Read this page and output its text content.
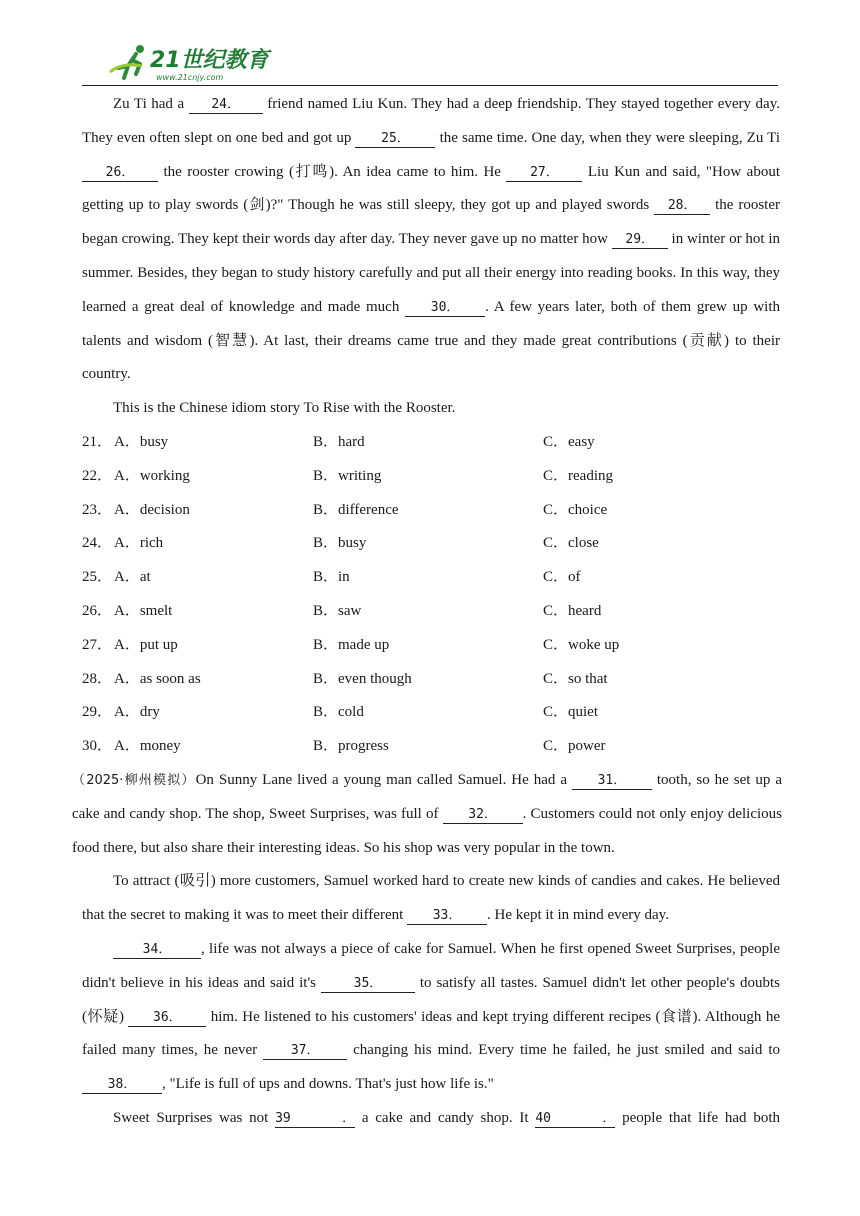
21世纪教育
www.21cnjy.com

Zu Ti had a 24． friend named Liu Kun. They had a deep friendship. They stayed together every day. They even often slept on one bed and got up 25． the same time. One day, when they were sleeping, Zu Ti 26． the rooster crowing (打鸣). An idea came to him. He 27． Liu Kun and said, "How about getting up to play swords (剑)?" Though he was still sleepy, they got up and played swords 28． the rooster began crowing. They kept their words day after day. They never gave up no matter how 29． in winter or hot in summer. Besides, they began to study history carefully and put all their energy into reading books. In this way, they learned a great deal of knowledge and made much 30． . A few years later, both of them grew up with talents and wisdom (智慧). At last, their dreams came true and they made great contributions (贡献) to their country.

This is the Chinese idiom story To Rise with the Rooster.

21． A．busy	B．hard	C．easy
22． A．working	B．writing	C．reading
23． A．decision	B．difference	C．choice
24． A．rich	B．busy	C．close
25． A．at	B．in	C．of
26． A．smelt	B．saw	C．heard
27． A．put up	B．made up	C．woke up
28． A．as soon as	B．even though	C．so that
29． A．dry	B．cold	C．quiet
30． A．money	B．progress	C．power

（2025·柳州模拟）On Sunny Lane lived a young man called Samuel. He had a 31． tooth, so he set up a cake and candy shop. The shop, Sweet Surprises, was full of 32． . Customers could not only enjoy delicious food there, but also share their interesting ideas. So his shop was very popular in the town.

To attract (吸引) more customers, Samuel worked hard to create new kinds of candies and cakes. He believed that the secret to making it was to meet their different 33． . He kept it in mind every day.

34． , life was not always a piece of cake for Samuel. When he first opened Sweet Surprises, people didn't believe in his ideas and said it's	35． to satisfy all tastes. Samuel didn't let other people's doubts (怀疑) 36． him. He listened to his customers' ideas and kept trying different recipes (食谱). Although he failed many times, he never 37． changing his mind. Every time he failed, he just smiled and said to 38． , "Life is full of ups and downs. That's just how life is."

Sweet Surprises was not 39． a cake and candy shop. It 40． people that life had both
